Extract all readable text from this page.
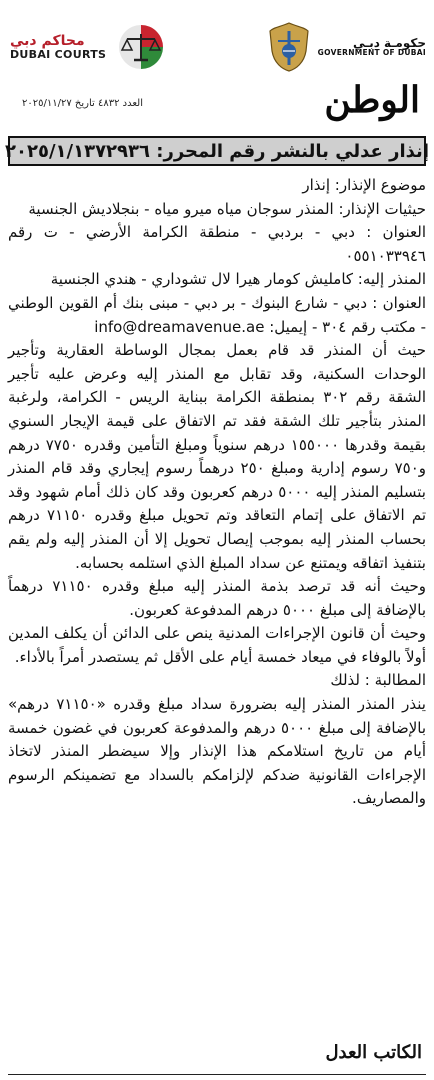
محاكم دبي
DUBAI COURTS
حكومـة دبـي
GOVERNMENT OF DUBAI
الوطن
العدد ٤٨٣٢ تاريخ ٢٠٢٥/١١/٢٧
إنذار عدلي بالنشر رقم المحرر: ٢٠٢٥/١/١٣٧٢٩٣٦

موضوع الإنذار: إنذار

حيثيات الإنذار: المنذر سوجان مياه ميرو مياه - بنجلاديش الجنسية

العنوان : دبي - بردبي - منطقة الكرامة الأرضي - ت رقم ٠٥٥١٠٣٣٩٤٦

المنذر إليه: كامليش كومار هيرا لال تشوداري - هندي الجنسية

العنوان : دبي - شارع البنوك - بر دبي - مبنى بنك أم القوين الوطني - مكتب رقم ٣٠٤ - إيميل: info@dreamavenue.ae

حيث أن المنذر قد قام بعمل بمجال الوساطة العقارية وتأجير الوحدات السكنية، وقد تقابل مع المنذر إليه وعرض عليه تأجير الشقة رقم ٣٠٢ بمنطقة الكرامة ببناية الريس - الكرامة، ولرغبة المنذر بتأجير تلك الشقة فقد تم الاتفاق على قيمة الإيجار السنوي بقيمة وقدرها ١٥٥٠٠٠ درهم سنوياً ومبلغ التأمين وقدره ٧٧٥٠ درهم و٧٥٠ رسوم إدارية ومبلغ ٢٥٠ درهماً رسوم إيجاري وقد قام المنذر بتسليم المنذر إليه ٥٠٠٠ درهم كعربون وقد كان ذلك أمام شهود وقد تم الاتفاق على إتمام التعاقد وتم تحويل مبلغ وقدره ٧١١٥٠ درهم بحساب المنذر إليه بموجب إيصال تحويل إلا أن المنذر إليه ولم يقم بتنفيذ اتفاقه ويمتنع عن سداد المبلغ الذي استلمه بحسابه.

وحيث أنه قد ترصد بذمة المنذر إليه مبلغ وقدره ٧١١٥٠ درهماً بالإضافة إلى مبلغ ٥٠٠٠ درهم المدفوعة كعربون.

وحيث أن قانون الإجراءات المدنية ينص على الدائن أن يكلف المدين أولاً بالوفاء في ميعاد خمسة أيام على الأقل ثم يستصدر أمراً بالأداء.

المطالبة : لذلك

ينذر المنذر المنذر إليه بضرورة سداد مبلغ وقدره «٧١١٥٠ درهم» بالإضافة إلى مبلغ ٥٠٠٠ درهم والمدفوعة كعربون في غضون خمسة أيام من تاريخ استلامكم هذا الإنذار وإلا سيضطر المنذر لاتخاذ الإجراءات القانونية ضدكم لإلزامكم بالسداد مع تضمينكم الرسوم والمصاريف.

الكاتب العدل
